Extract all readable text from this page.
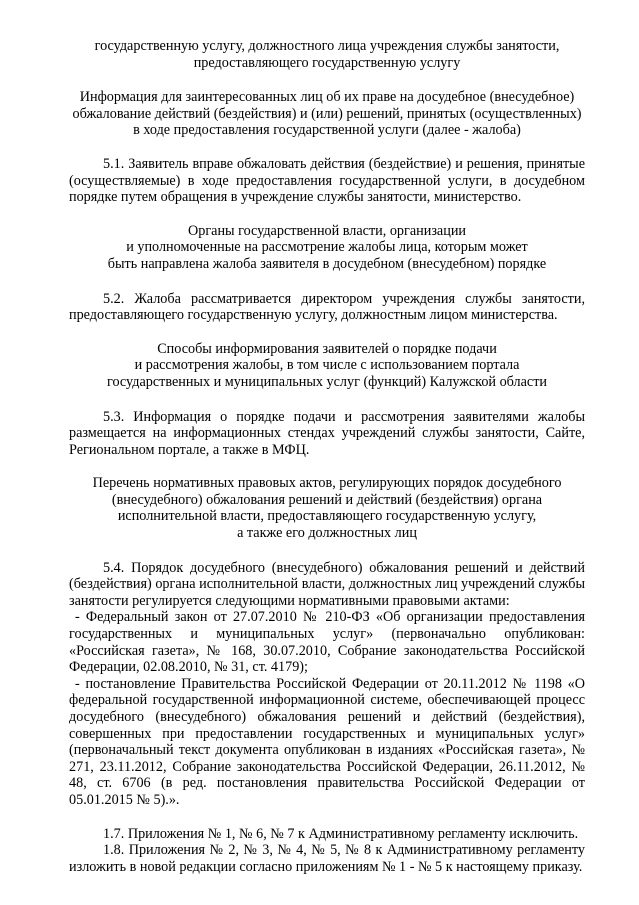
государственную услугу, должностного лица учреждения службы занятости,

предоставляющего государственную услугу

Информация для заинтересованных лиц об их праве на досудебное (внесудебное)

обжалование действий (бездействия) и (или) решений, принятых (осуществленных)

в ходе предоставления государственной услуги (далее - жалоба)

5.1. Заявитель вправе обжаловать действия (бездействие) и решения, принятые (осуществляемые) в ходе предоставления государственной услуги, в досудебном порядке путем обращения в учреждение службы занятости, министерство.

Органы государственной власти, организации

и уполномоченные на рассмотрение жалобы лица, которым может

быть направлена жалоба заявителя в досудебном (внесудебном) порядке

5.2. Жалоба рассматривается директором учреждения службы занятости, предоставляющего государственную услугу, должностным лицом министерства.

Способы информирования заявителей о порядке подачи

и рассмотрения жалобы, в том числе с использованием портала

государственных и муниципальных услуг (функций) Калужской области

5.3. Информация о порядке подачи и рассмотрения заявителями жалобы размещается на информационных стендах учреждений службы занятости, Сайте, Региональном портале, а также в МФЦ.

Перечень нормативных правовых актов, регулирующих порядок досудебного

(внесудебного) обжалования решений и действий (бездействия) органа

исполнительной власти, предоставляющего государственную услугу,

а также его должностных лиц

5.4. Порядок досудебного (внесудебного) обжалования решений и действий (бездействия) органа исполнительной власти, должностных лиц учреждений службы занятости регулируется следующими нормативными правовыми актами:

- Федеральный закон от 27.07.2010 № 210-ФЗ «Об организации предоставления государственных и муниципальных услуг» (первоначально опубликован: «Российская газета», № 168, 30.07.2010, Собрание законодательства Российской Федерации, 02.08.2010, № 31, ст. 4179);

- постановление Правительства Российской Федерации от 20.11.2012 № 1198 «О федеральной государственной информационной системе, обеспечивающей процесс досудебного (внесудебного) обжалования решений и действий (бездействия), совершенных при предоставлении государственных и муниципальных услуг» (первоначальный текст документа опубликован в изданиях «Российская газета», № 271, 23.11.2012, Собрание законодательства Российской Федерации, 26.11.2012, № 48, ст. 6706 (в ред. постановления правительства Российской Федерации от 05.01.2015 № 5).».

1.7. Приложения № 1, № 6, № 7 к Административному регламенту исключить.

1.8. Приложения № 2, № 3, № 4, № 5, № 8 к Административному регламенту изложить в новой редакции согласно приложениям № 1 - № 5 к настоящему приказу.
